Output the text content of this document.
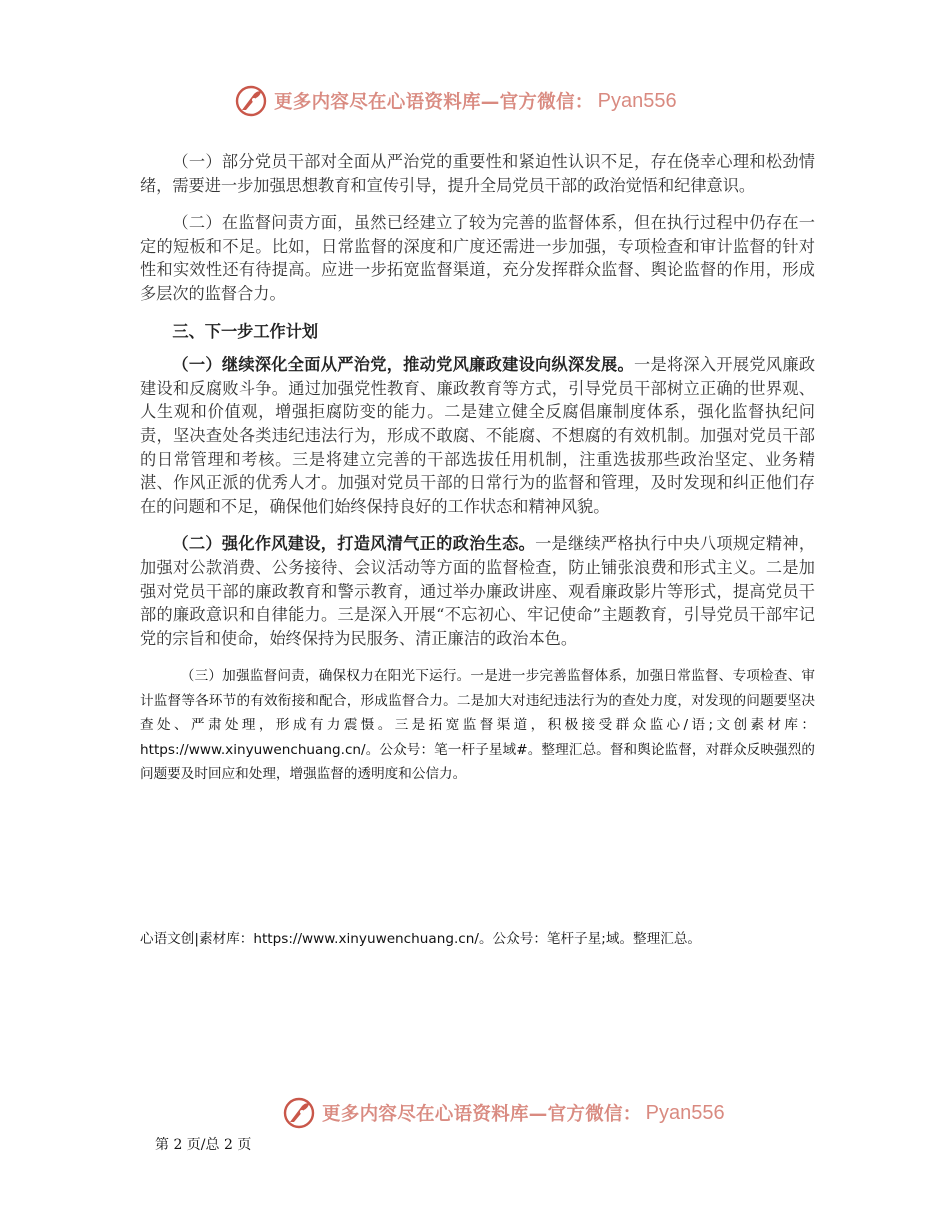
更多内容尽在心语资料库—官方微信： Pyan556

（一）部分党员干部对全面从严治党的重要性和紧迫性认识不足，存在侥幸心理和松劲情绪，需要进一步加强思想教育和宣传引导，提升全局党员干部的政治觉悟和纪律意识。

（二）在监督问责方面，虽然已经建立了较为完善的监督体系，但在执行过程中仍存在一定的短板和不足。比如，日常监督的深度和广度还需进一步加强，专项检查和审计监督的针对性和实效性还有待提高。应进一步拓宽监督渠道，充分发挥群众监督、舆论监督的作用，形成多层次的监督合力。

三、下一步工作计划

（一）继续深化全面从严治党，推动党风廉政建设向纵深发展。一是将深入开展党风廉政建设和反腐败斗争。通过加强党性教育、廉政教育等方式，引导党员干部树立正确的世界观、人生观和价值观，增强拒腐防变的能力。二是建立健全反腐倡廉制度体系，强化监督执纪问责，坚决查处各类违纪违法行为，形成不敢腐、不能腐、不想腐的有效机制。加强对党员干部的日常管理和考核。三是将建立完善的干部选拔任用机制，注重选拔那些政治坚定、业务精湛、作风正派的优秀人才。加强对党员干部的日常行为的监督和管理，及时发现和纠正他们存在的问题和不足，确保他们始终保持良好的工作状态和精神风貌。

（二）强化作风建设，打造风清气正的政治生态。一是继续严格执行中央八项规定精神，加强对公款消费、公务接待、会议活动等方面的监督检查，防止铺张浪费和形式主义。二是加强对党员干部的廉政教育和警示教育，通过举办廉政讲座、观看廉政影片等形式，提高党员干部的廉政意识和自律能力。三是深入开展“不忘初心、牢记使命”主题教育，引导党员干部牢记党的宗旨和使命，始终保持为民服务、清正廉洁的政治本色。

（三）加强监督问责，确保权力在阳光下运行。一是进一步完善监督体系，加强日常监督、专项检查、审计监督等各环节的有效衔接和配合，形成监督合力。二是加大对违纪违法行为的查处力度，对发现的问题要坚决查处、严肃处理，形成有力震慑。三是拓宽监督渠道，积极接受群众监心/语;文创素材库：https://www.xinyuwenchuang.cn/。公众号：笔一杆子星域#。整理汇总。督和舆论监督，对群众反映强烈的问题要及时回应和处理，增强监督的透明度和公信力。

心语文创|素材库：https://www.xinyuwenchuang.cn/。公众号：笔杆子星;域。整理汇总。
更多内容尽在心语资料库—官方微信： Pyan556
第 2 页/总 2 页
